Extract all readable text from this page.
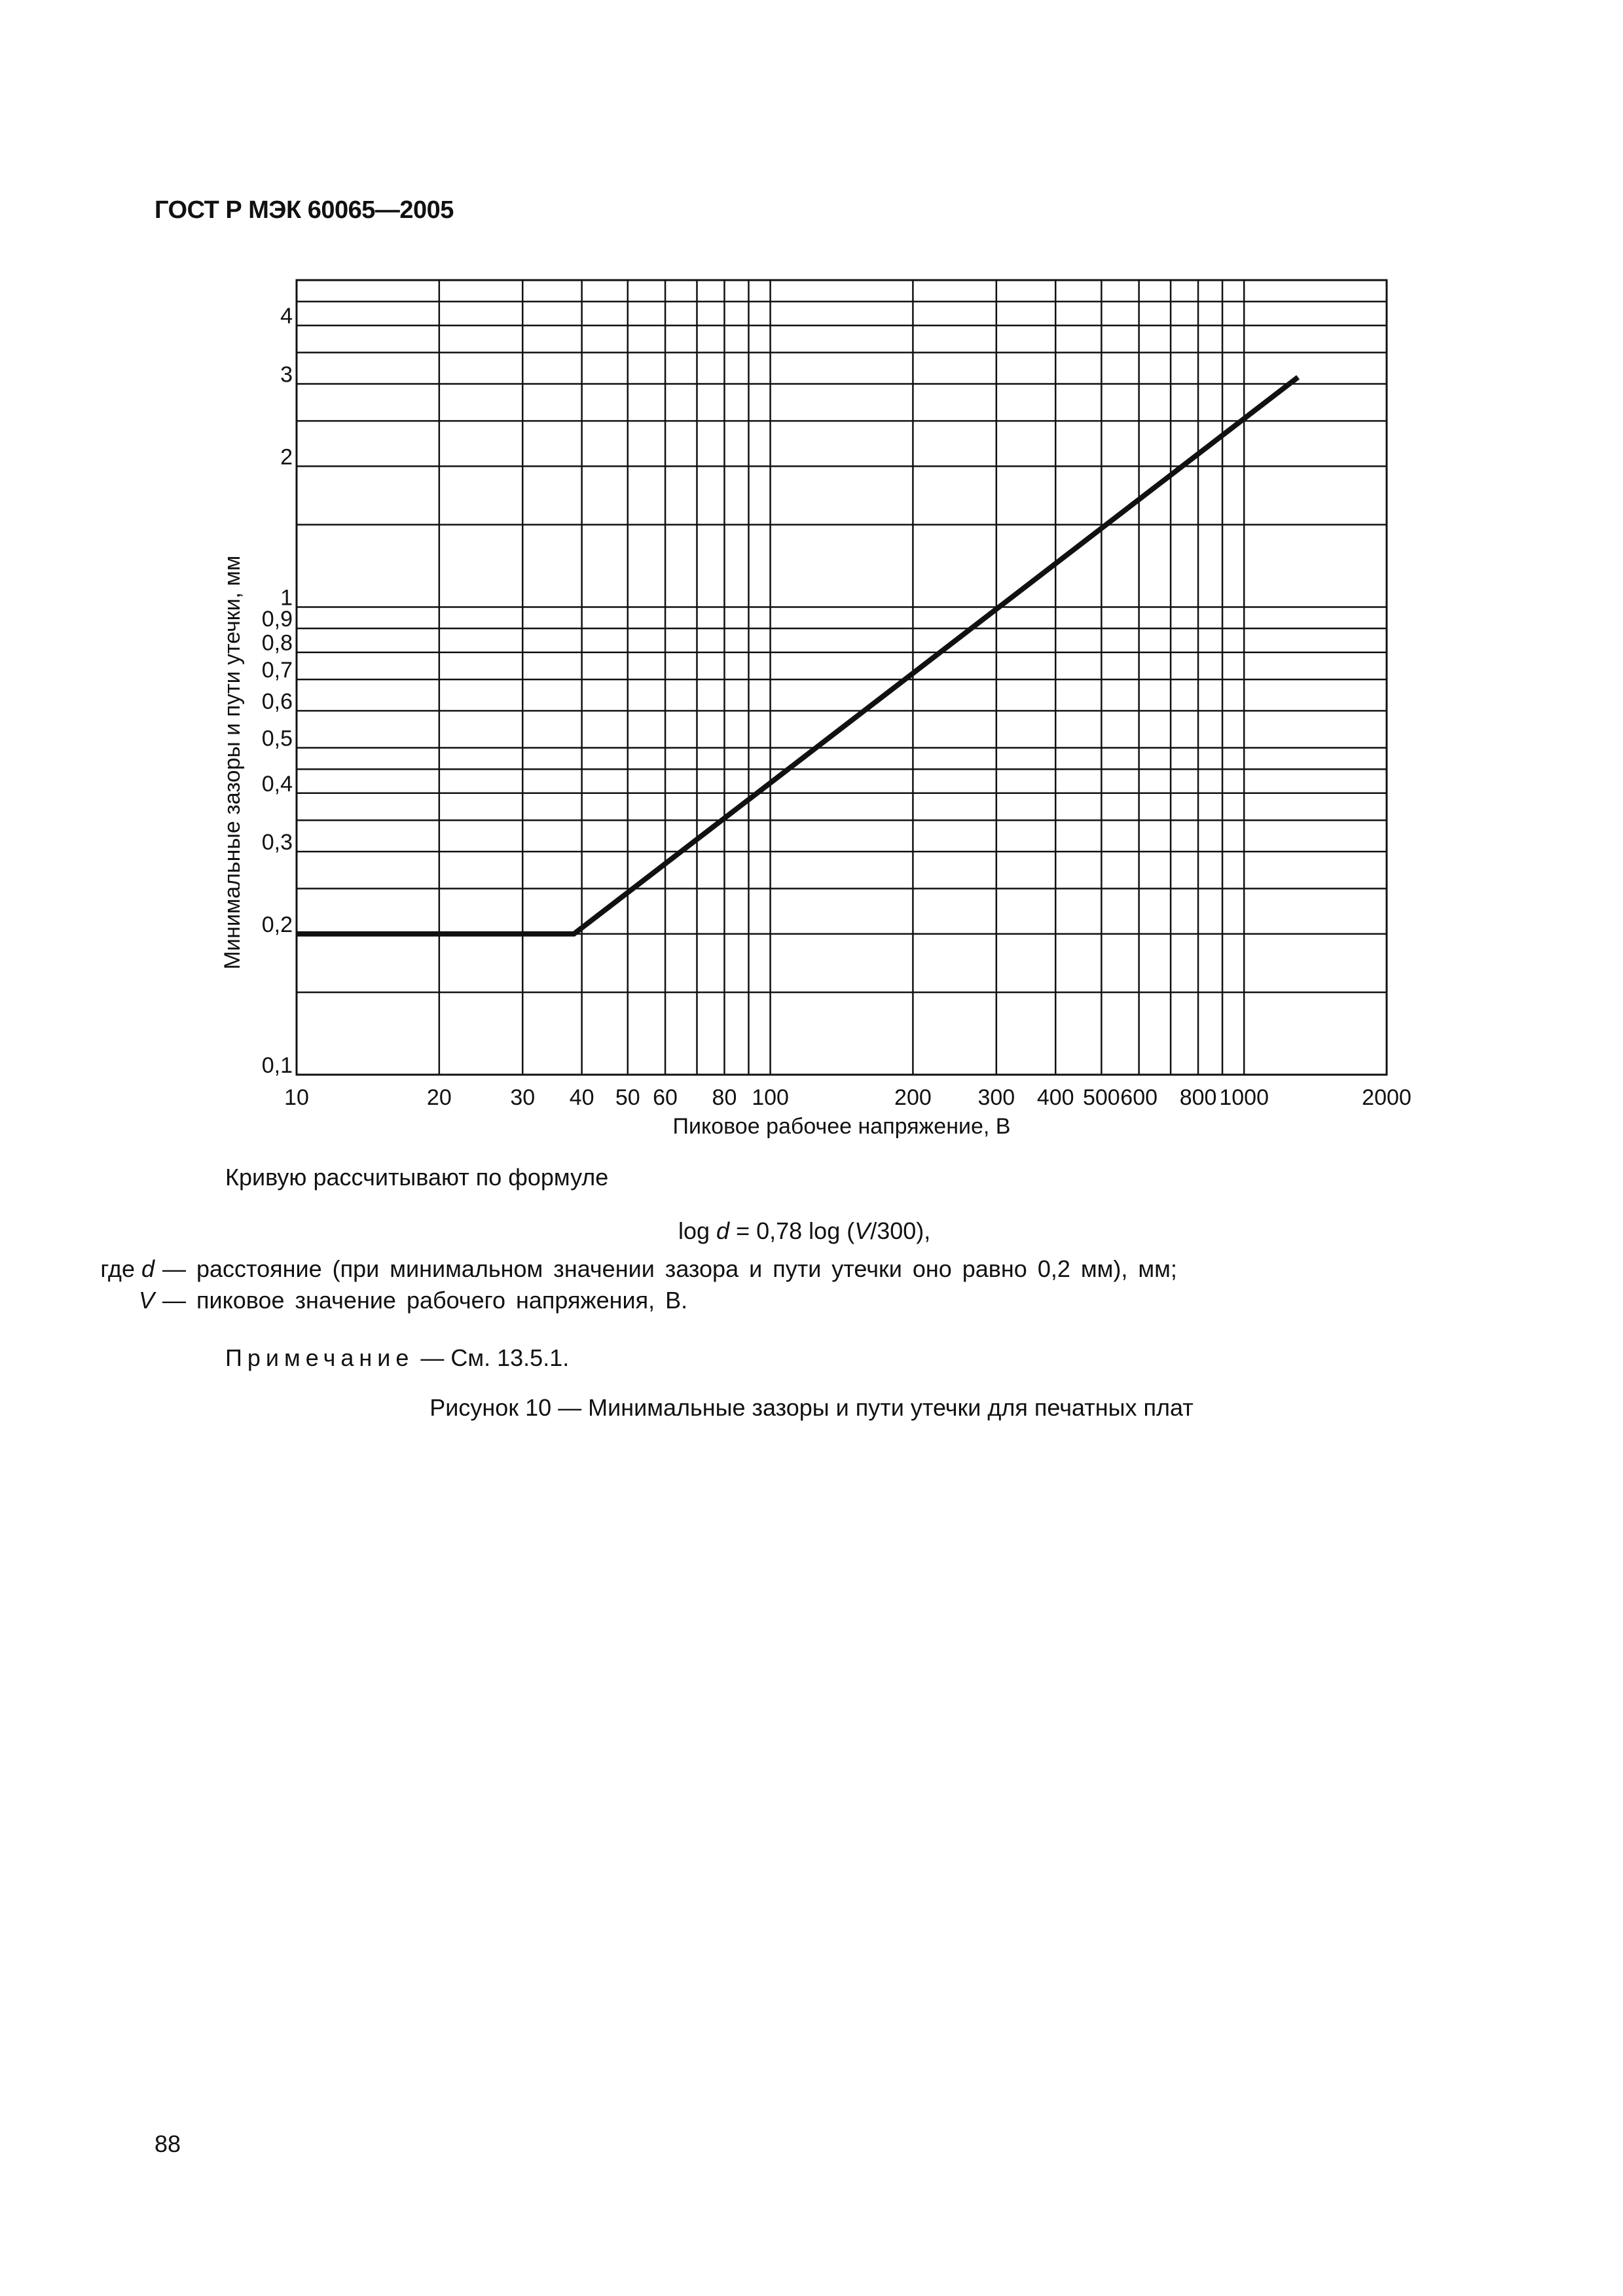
ГОСТ Р МЭК 60065—2005
10	20	30 40 50 60 80 100	200 300 400 500 600 800 1000	2000
0,1
0,2
0,3
0,4
0,5
0,6
0,7
0,8
0,9
1
2
3
4
Пиковое рабочее напряжение, В
Минимальные зазоры и пути утечки, мм

Кривую рассчитывают по формуле

log d = 0,78 log (V/300),

где d — расстояние (при минимальном значении зазора и пути утечки оно равно 0,2 мм), мм;
V — пиковое значение рабочего напряжения, В.

Примечание — См. 13.5.1.

Рисунок 10 — Минимальные зазоры и пути утечки для печатных плат

88
